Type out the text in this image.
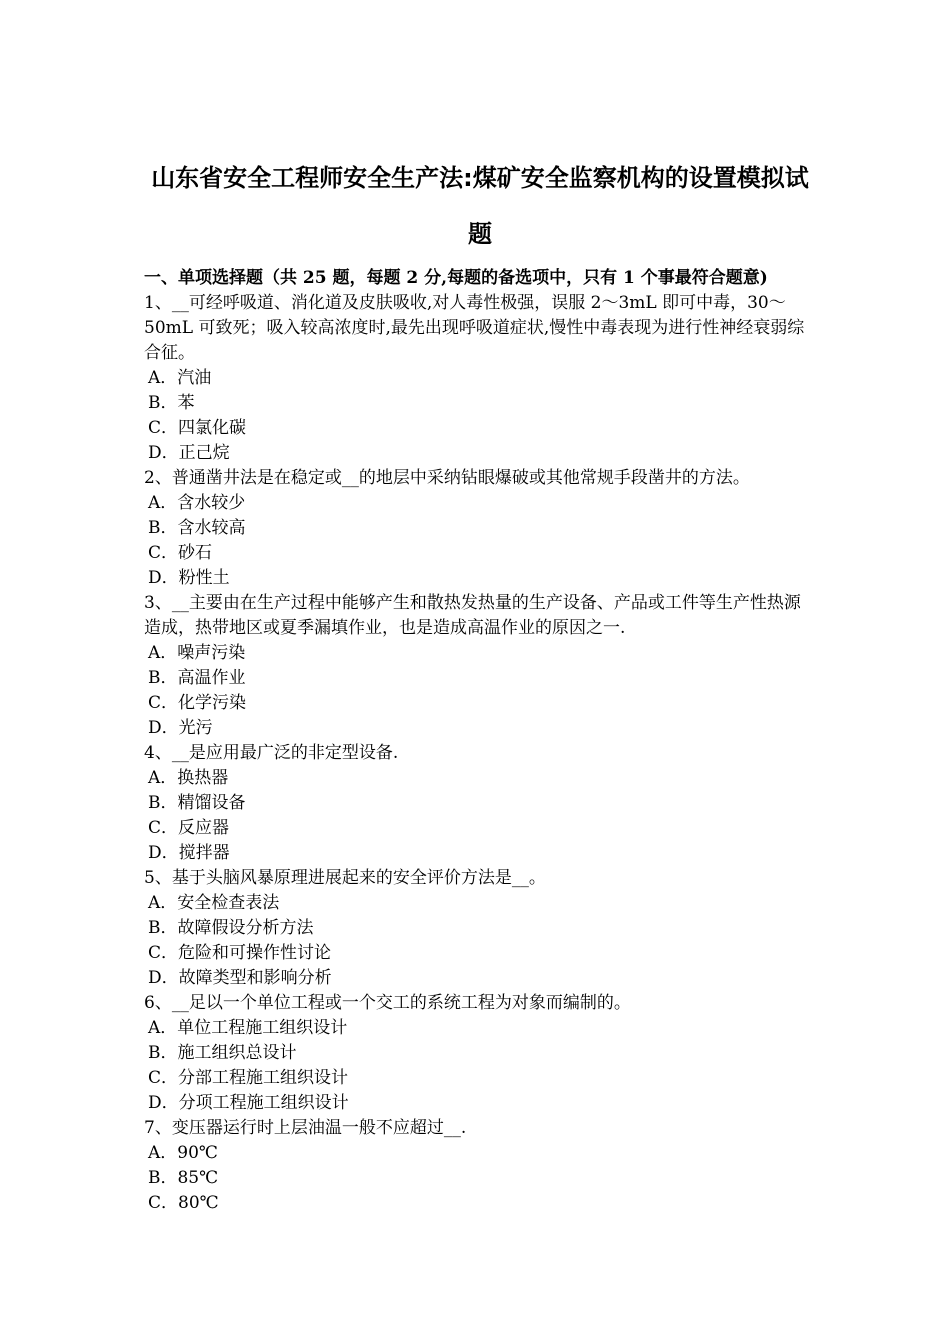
山东省安全工程师安全生产法:煤矿安全监察机构的设置模拟试题

一、单项选择题（共 25 题，每题 2 分,每题的备选项中，只有 1 个事最符合题意)

1、__可经呼吸道、消化道及皮肤吸收,对人毒性极强，误服 2～3mL 即可中毒，30～ 50mL 可致死；吸入较高浓度时,最先出现呼吸道症状,慢性中毒表现为进行性神经衰弱综合征。

A．汽油

B．苯

C．四氯化碳

D．正己烷

2、普通凿井法是在稳定或__的地层中采纳钻眼爆破或其他常规手段凿井的方法。

A．含水较少

B．含水较高

C．砂石

D．粉性土

3、__主要由在生产过程中能够产生和散热发热量的生产设备、产品或工件等生产性热源造成，热带地区或夏季漏填作业，也是造成高温作业的原因之一.

A．噪声污染

B．高温作业

C．化学污染

D．光污

4、__是应用最广泛的非定型设备.

A．换热器

B．精馏设备

C．反应器

D．搅拌器

5、基于头脑风暴原理进展起来的安全评价方法是__。

A．安全检查表法

B．故障假设分析方法

C．危险和可操作性讨论

D．故障类型和影响分析

6、__足以一个单位工程或一个交工的系统工程为对象而编制的。

A．单位工程施工组织设计

B．施工组织总设计

C．分部工程施工组织设计

D．分项工程施工组织设计

7、变压器运行时上层油温一般不应超过__.

A．90℃

B．85℃

C．80℃
